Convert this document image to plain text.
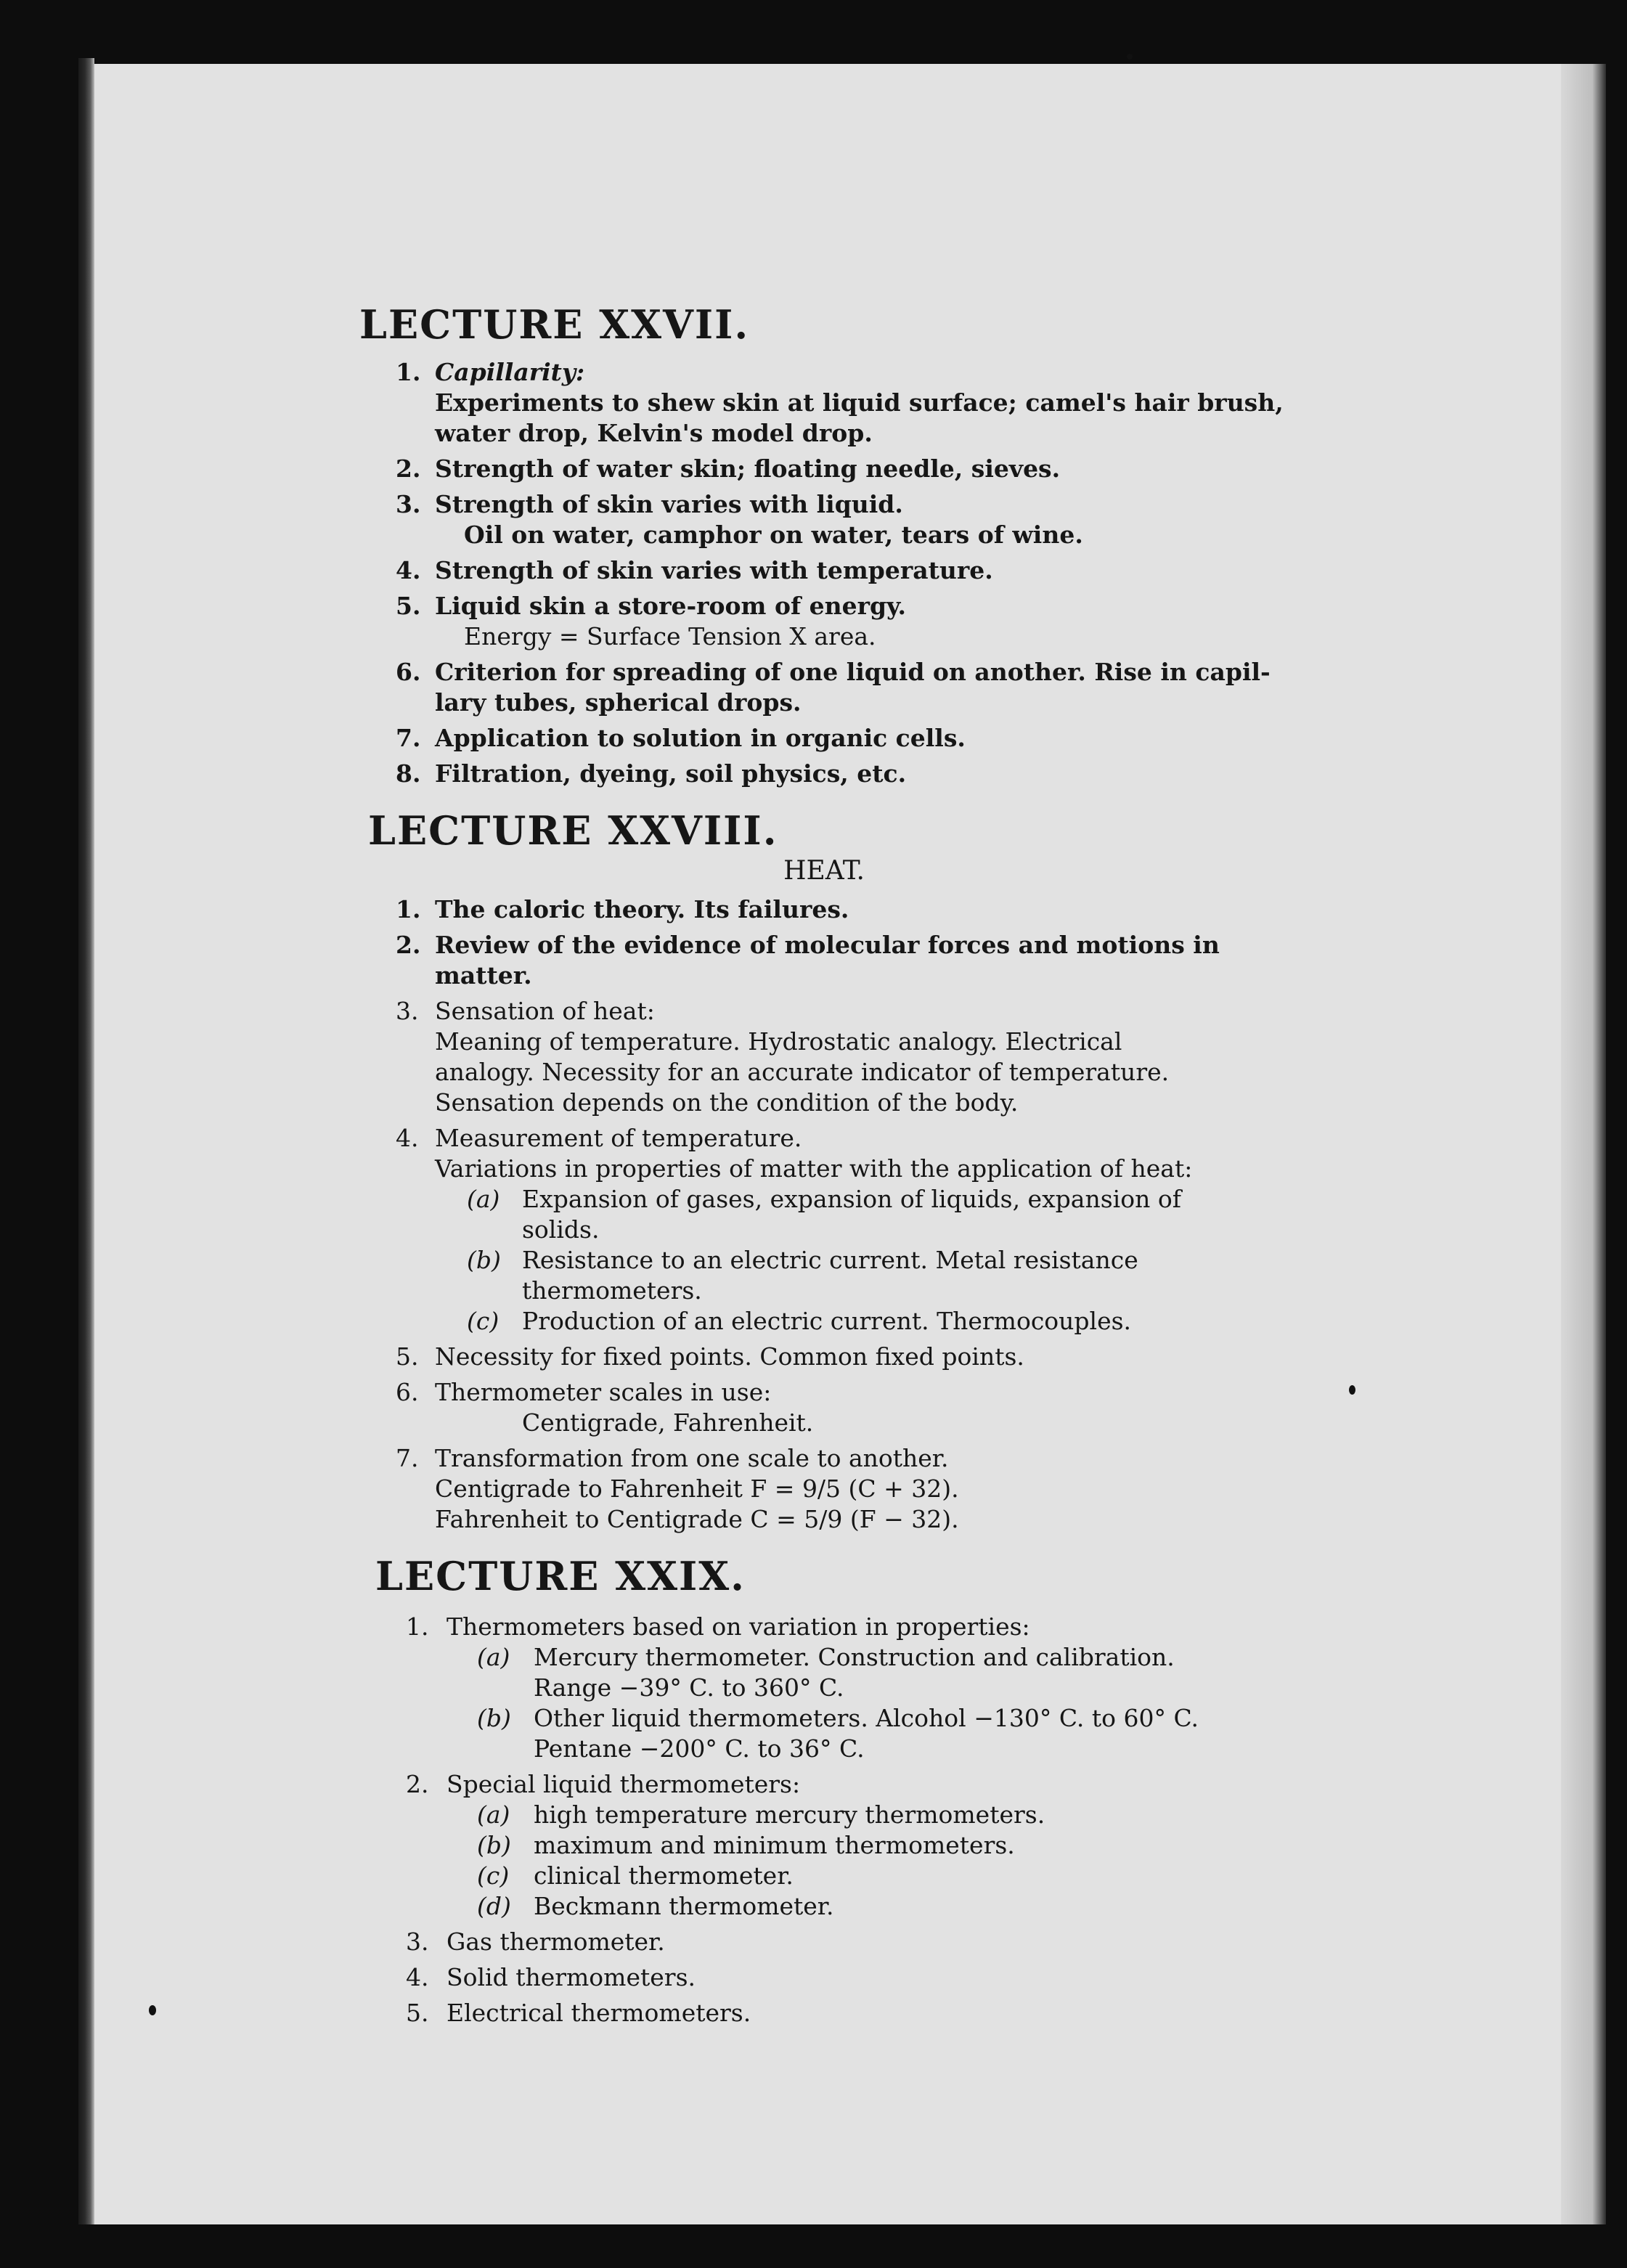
LECTURE XXVII.
1. Capillarity:
Experiments to shew skin at liquid surface; camel's hair brush,
water drop, Kelvin's model drop.
2. Strength of water skin; floating needle, sieves.
3. Strength of skin varies with liquid.
Oil on water, camphor on water, tears of wine.
4. Strength of skin varies with temperature.
5. Liquid skin a store-room of energy.
Energy = Surface Tension X area.
6. Criterion for spreading of one liquid on another. Rise in capil-
lary tubes, spherical drops.
7. Application to solution in organic cells.
8. Filtration, dyeing, soil physics, etc.
LECTURE XXVIII.
HEAT.
1. The caloric theory. Its failures.
2. Review of the evidence of molecular forces and motions in
matter.
3. Sensation of heat:
Meaning of temperature. Hydrostatic analogy. Electrical
analogy. Necessity for an accurate indicator of temperature.
Sensation depends on the condition of the body.
4. Measurement of temperature.
Variations in properties of matter with the application of heat:
(a) Expansion of gases, expansion of liquids, expansion of
solids.
(b) Resistance to an electric current. Metal resistance
thermometers.
(c) Production of an electric current. Thermocouples.
5. Necessity for fixed points. Common fixed points.
6. Thermometer scales in use:
Centigrade, Fahrenheit.
7. Transformation from one scale to another.
Centigrade to Fahrenheit F = 9/5 (C + 32).
Fahrenheit to Centigrade C = 5/9 (F − 32).
LECTURE XXIX.
1. Thermometers based on variation in properties:
(a) Mercury thermometer. Construction and calibration.
Range −39° C. to 360° C.
(b) Other liquid thermometers. Alcohol −130° C. to 60° C.
Pentane −200° C. to 36° C.
2. Special liquid thermometers:
(a) high temperature mercury thermometers.
(b) maximum and minimum thermometers.
(c) clinical thermometer.
(d) Beckmann thermometer.
3. Gas thermometer.
4. Solid thermometers.
5. Electrical thermometers.
